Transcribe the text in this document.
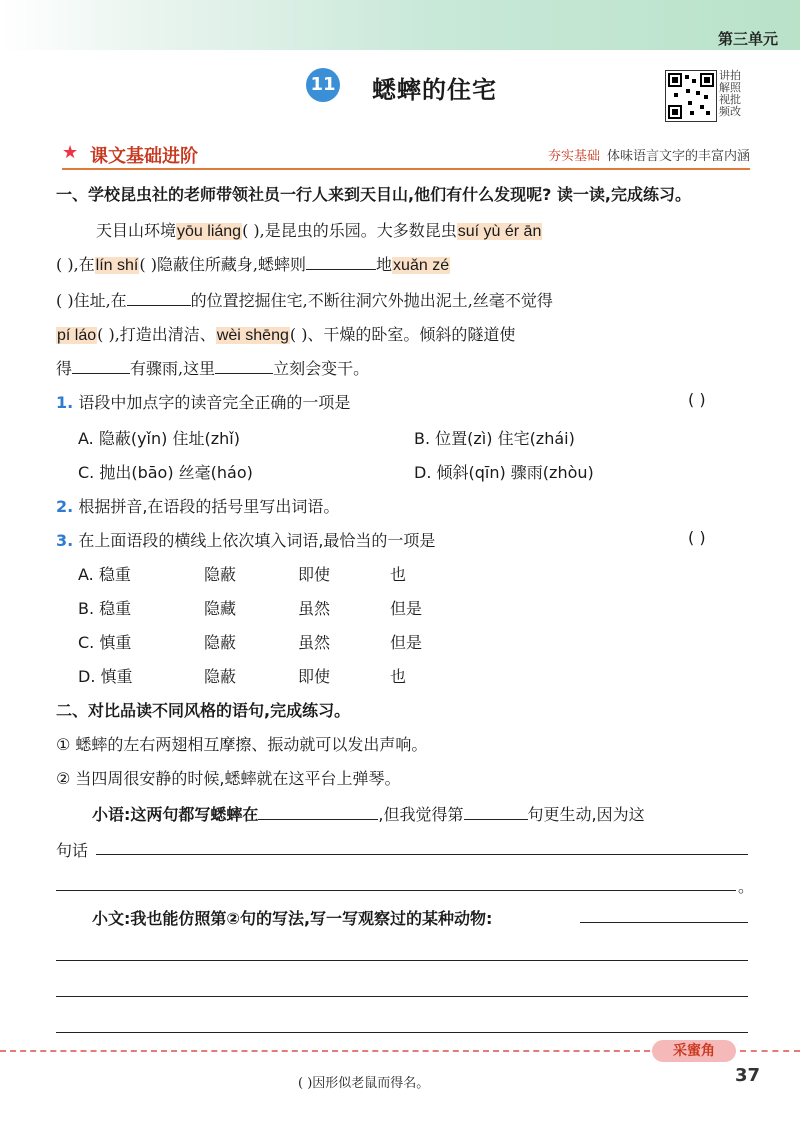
第三单元
11 蟋蟀的住宅
讲拍解照视批频改
★ 课文基础进阶	夯实基础 体味语言文字的丰富内涵
一、学校昆虫社的老师带领社员一行人来到天目山,他们有什么发现呢? 读一读,完成练习。
天目山环境yōu liáng( ),是昆虫的乐园。大多数昆虫suí yù ér ān
( ),在lín shí( )隐蔽住所藏身,蟋蟀则	地xuǎn zé
( )住址,在	的位置挖掘住宅,不断往洞穴外抛出泥土,丝毫不觉得
pí láo( ),打造出清洁、wèi shēng( )、干燥的卧室。倾斜的隧道使
得	有骤雨,这里	立刻会变干。
1. 语段中加点字的读音完全正确的一项是	( )
A. 隐蔽(yǐn) 住址(zhǐ)	B. 位置(zì) 住宅(zhái)
C. 抛出(bāo) 丝毫(háo)	D. 倾斜(qīn) 骤雨(zhòu)
2. 根据拼音,在语段的括号里写出词语。
3. 在上面语段的横线上依次填入词语,最恰当的一项是	( )
A. 稳重	隐蔽	即使	也
B. 稳重	隐藏	虽然	但是
C. 慎重	隐蔽	虽然	但是
D. 慎重	隐蔽	即使	也
二、对比品读不同风格的语句,完成练习。
① 蟋蟀的左右两翅相互摩擦、振动就可以发出声响。
② 当四周很安静的时候,蟋蟀就在这平台上弹琴。
小语:这两句都写蟋蟀在	,但我觉得第	句更生动,因为这
句话
。
小文:我也能仿照第②句的写法,写一写观察过的某种动物:
采蜜角
( )因形似老鼠而得名。	37
